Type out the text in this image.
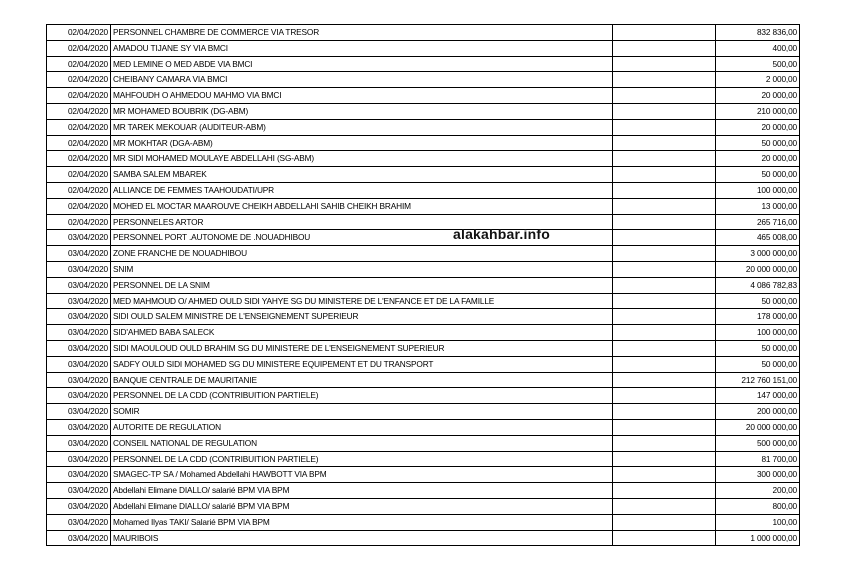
02/04/2020	PERSONNEL CHAMBRE DE COMMERCE VIA TRESOR		832 836,00
02/04/2020	AMADOU TIJANE SY VIA BMCI		400,00
02/04/2020	MED LEMINE O MED ABDE VIA BMCI		500,00
02/04/2020	CHEIBANY CAMARA VIA BMCI		2 000,00
02/04/2020	MAHFOUDH O AHMEDOU MAHMO VIA BMCI		20 000,00
02/04/2020	MR MOHAMED BOUBRIK (DG-ABM)		210 000,00
02/04/2020	MR TAREK MEKOUAR (AUDITEUR-ABM)		20 000,00
02/04/2020	MR MOKHTAR (DGA-ABM)		50 000,00
02/04/2020	MR SIDI MOHAMED MOULAYE ABDELLAHI (SG-ABM)		20 000,00
02/04/2020	SAMBA SALEM MBAREK		50 000,00
02/04/2020	ALLIANCE DE FEMMES TAAHOUDATI/UPR		100 000,00
02/04/2020	MOHED EL MOCTAR MAAROUVE CHEIKH ABDELLAHI SAHIB CHEIKH BRAHIM		13 000,00
02/04/2020	PERSONNELES ARTOR		265 716,00
03/04/2020	PERSONNEL PORT .AUTONOME DE .NOUADHIBOU		465 008,00
03/04/2020	ZONE FRANCHE DE NOUADHIBOU		3 000 000,00
03/04/2020	SNIM		20 000 000,00
03/04/2020	PERSONNEL DE LA SNIM		4 086 782,83
03/04/2020	MED MAHMOUD O/ AHMED OULD SIDI YAHYE SG DU MINISTERE DE L'ENFANCE ET DE LA FAMILLE		50 000,00
03/04/2020	SIDI OULD SALEM MINISTRE DE L'ENSEIGNEMENT SUPERIEUR		178 000,00
03/04/2020	SID'AHMED BABA SALECK		100 000,00
03/04/2020	SIDI MAOULOUD OULD BRAHIM SG DU MINISTERE DE L'ENSEIGNEMENT SUPERIEUR		50 000,00
03/04/2020	SADFY OULD SIDI MOHAMED SG DU MINISTERE EQUIPEMENT ET DU TRANSPORT		50 000,00
03/04/2020	BANQUE CENTRALE DE MAURITANIE		212 760 151,00
03/04/2020	PERSONNEL DE LA CDD (CONTRIBUITION PARTIELE)		147 000,00
03/04/2020	SOMIR		200 000,00
03/04/2020	AUTORITE DE REGULATION		20 000 000,00
03/04/2020	CONSEIL NATIONAL DE REGULATION		500 000,00
03/04/2020	PERSONNEL DE LA CDD (CONTRIBUITION PARTIELE)		81 700,00
03/04/2020	SMAGEC-TP SA / Mohamed Abdellahi HAWBOTT VIA BPM		300 000,00
03/04/2020	Abdellahi Elimane DIALLO/ salarié BPM VIA BPM		200,00
03/04/2020	Abdellahi Elimane DIALLO/ salarié BPM VIA BPM		800,00
03/04/2020	Mohamed Ilyas TAKI/ Salarié BPM VIA BPM		100,00
03/04/2020	MAURIBOIS		1 000 000,00
alakahbar.info
